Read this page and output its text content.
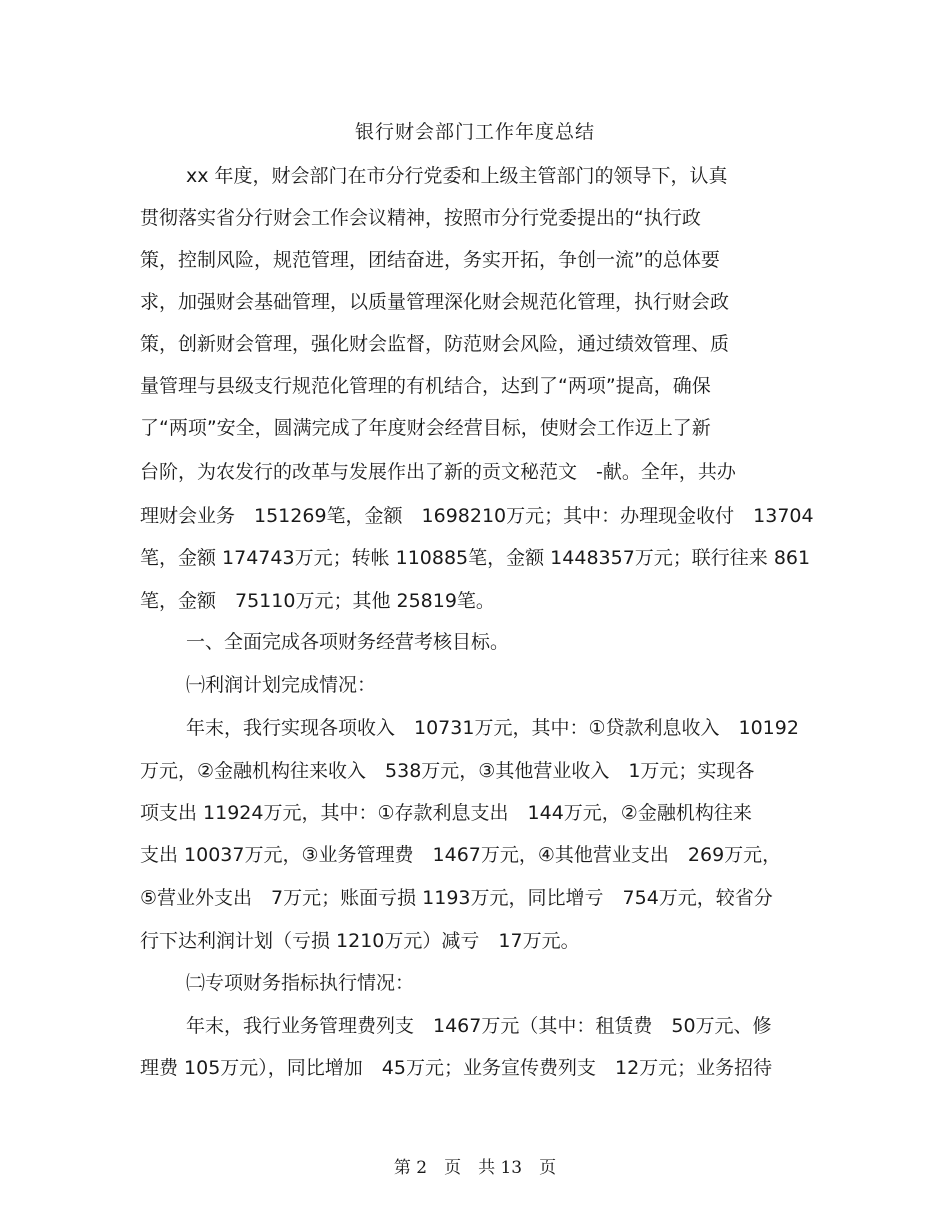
银行财会部门工作年度总结
xx 年度，财会部门在市分行党委和上级主管部门的领导下，认真
贯彻落实省分行财会工作会议精神，按照市分行党委提出的“执行政
策，控制风险，规范管理，团结奋进，务实开拓，争创一流”的总体要
求，加强财会基础管理，以质量管理深化财会规范化管理，执行财会政
策，创新财会管理，强化财会监督，防范财会风险，通过绩效管理、质
量管理与县级支行规范化管理的有机结合，达到了“两项”提高，确保
了“两项”安全，圆满完成了年度财会经营目标，使财会工作迈上了新
台阶，为农发行的改革与发展作出了新的贡文秘范文　-献。全年，共办
理财会业务　151269笔，金额　1698210万元；其中：办理现金收付　13704
笔，金额 174743万元；转帐 110885笔，金额 1448357万元；联行往来 861
笔，金额　75110万元；其他 25819笔。
一、全面完成各项财务经营考核目标。
㈠利润计划完成情况：
年末，我行实现各项收入　10731万元，其中：①贷款利息收入　10192
万元，②金融机构往来收入　538万元，③其他营业收入　1万元；实现各
项支出 11924万元，其中：①存款利息支出　144万元，②金融机构往来
支出 10037万元，③业务管理费　1467万元，④其他营业支出　269万元，
⑤营业外支出　7万元；账面亏损 1193万元，同比增亏　754万元，较省分
行下达利润计划（亏损 1210万元）减亏　17万元。
㈡专项财务指标执行情况：
年末，我行业务管理费列支　1467万元（其中：租赁费　50万元、修
理费 105万元），同比增加　45万元；业务宣传费列支　12万元；业务招待
第 2　页　共 13　页
